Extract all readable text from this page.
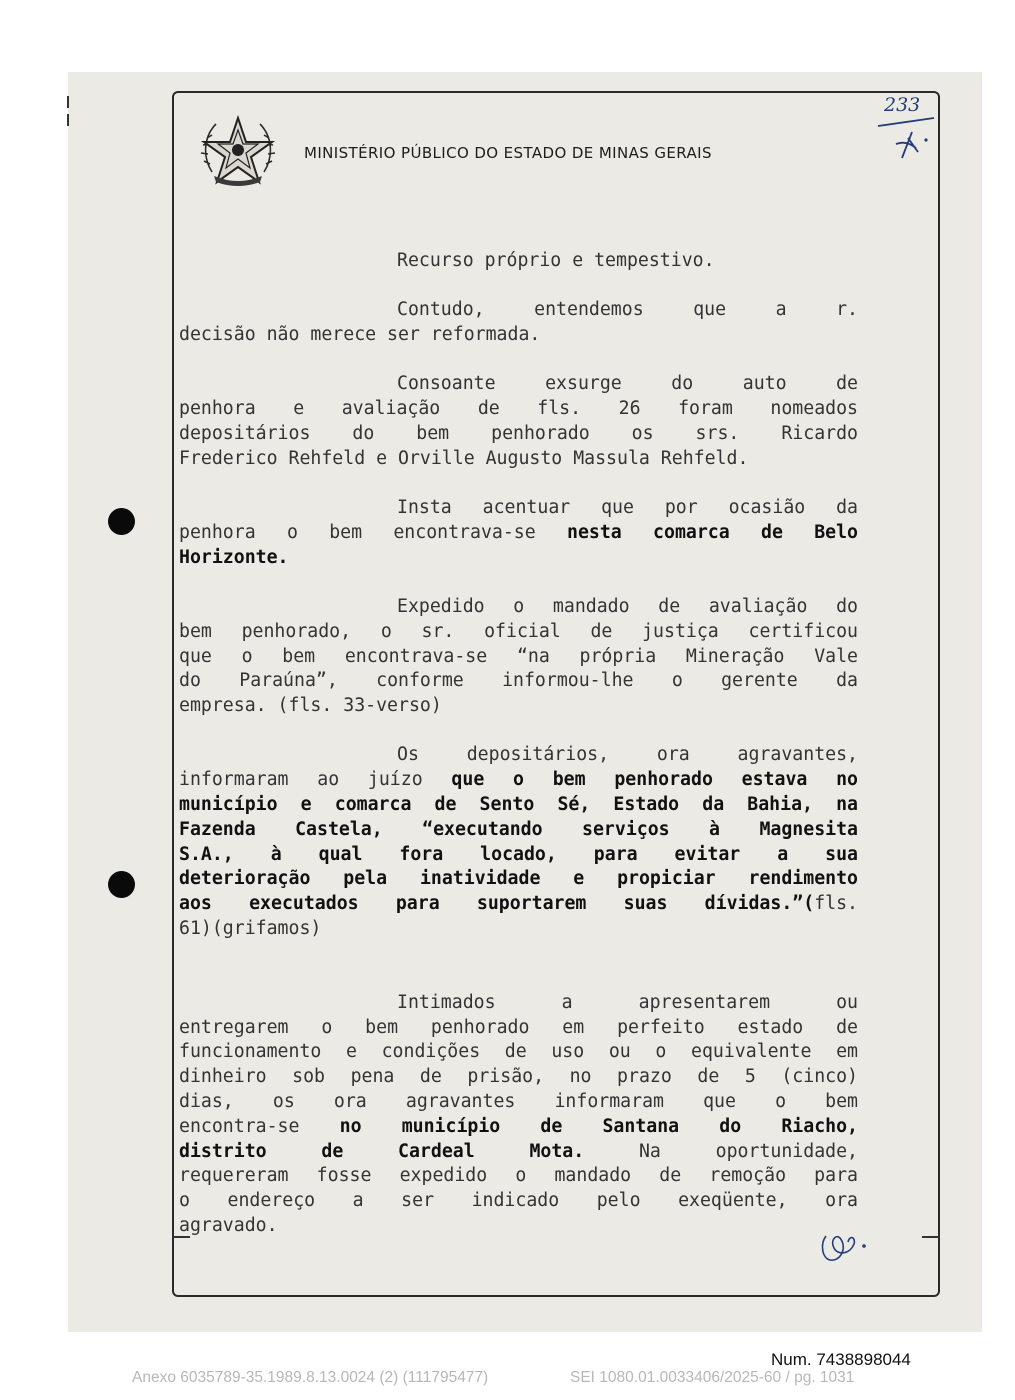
MINISTÉRIO PÚBLICO DO ESTADO DE MINAS GERAIS
233
Recurso próprio e tempestivo.
Contudo, entendemos que a r.
decisão não merece ser reformada.
Consoante exsurge do auto de
penhora e avaliação de fls. 26 foram nomeados
depositários do bem penhorado os srs. Ricardo
Frederico Rehfeld e Orville Augusto Massula Rehfeld.
Insta acentuar que por ocasião da
penhora o bem encontrava-se nesta comarca de Belo
Horizonte.
Expedido o mandado de avaliação do
bem penhorado, o sr. oficial de justiça certificou
que o bem encontrava-se “na própria Mineração Vale
do Paraúna”, conforme informou-lhe o gerente da
empresa. (fls. 33-verso)
Os depositários, ora agravantes,
informaram ao juízo que o bem penhorado estava no
município e comarca de Sento Sé, Estado da Bahia, na
Fazenda Castela, “executando serviços à Magnesita
S.A., à qual fora locado, para evitar a sua
deterioração pela inatividade e propiciar rendimento
aos executados para suportarem suas dívidas.”(fls.
61)(grifamos)
Intimados a apresentarem ou
entregarem o bem penhorado em perfeito estado de
funcionamento e condições de uso ou o equivalente em
dinheiro sob pena de prisão, no prazo de 5 (cinco)
dias, os ora agravantes informaram que o bem
encontra-se no município de Santana do Riacho,
distrito de Cardeal Mota. Na oportunidade,
requereram fosse expedido o mandado de remoção para
o endereço a ser indicado pelo exeqüente, ora
agravado.
Num. 7438898044
Anexo 6035789-35.1989.8.13.0024 (2) (111795477)	SEI 1080.01.0033406/2025-60 / pg. 1031
